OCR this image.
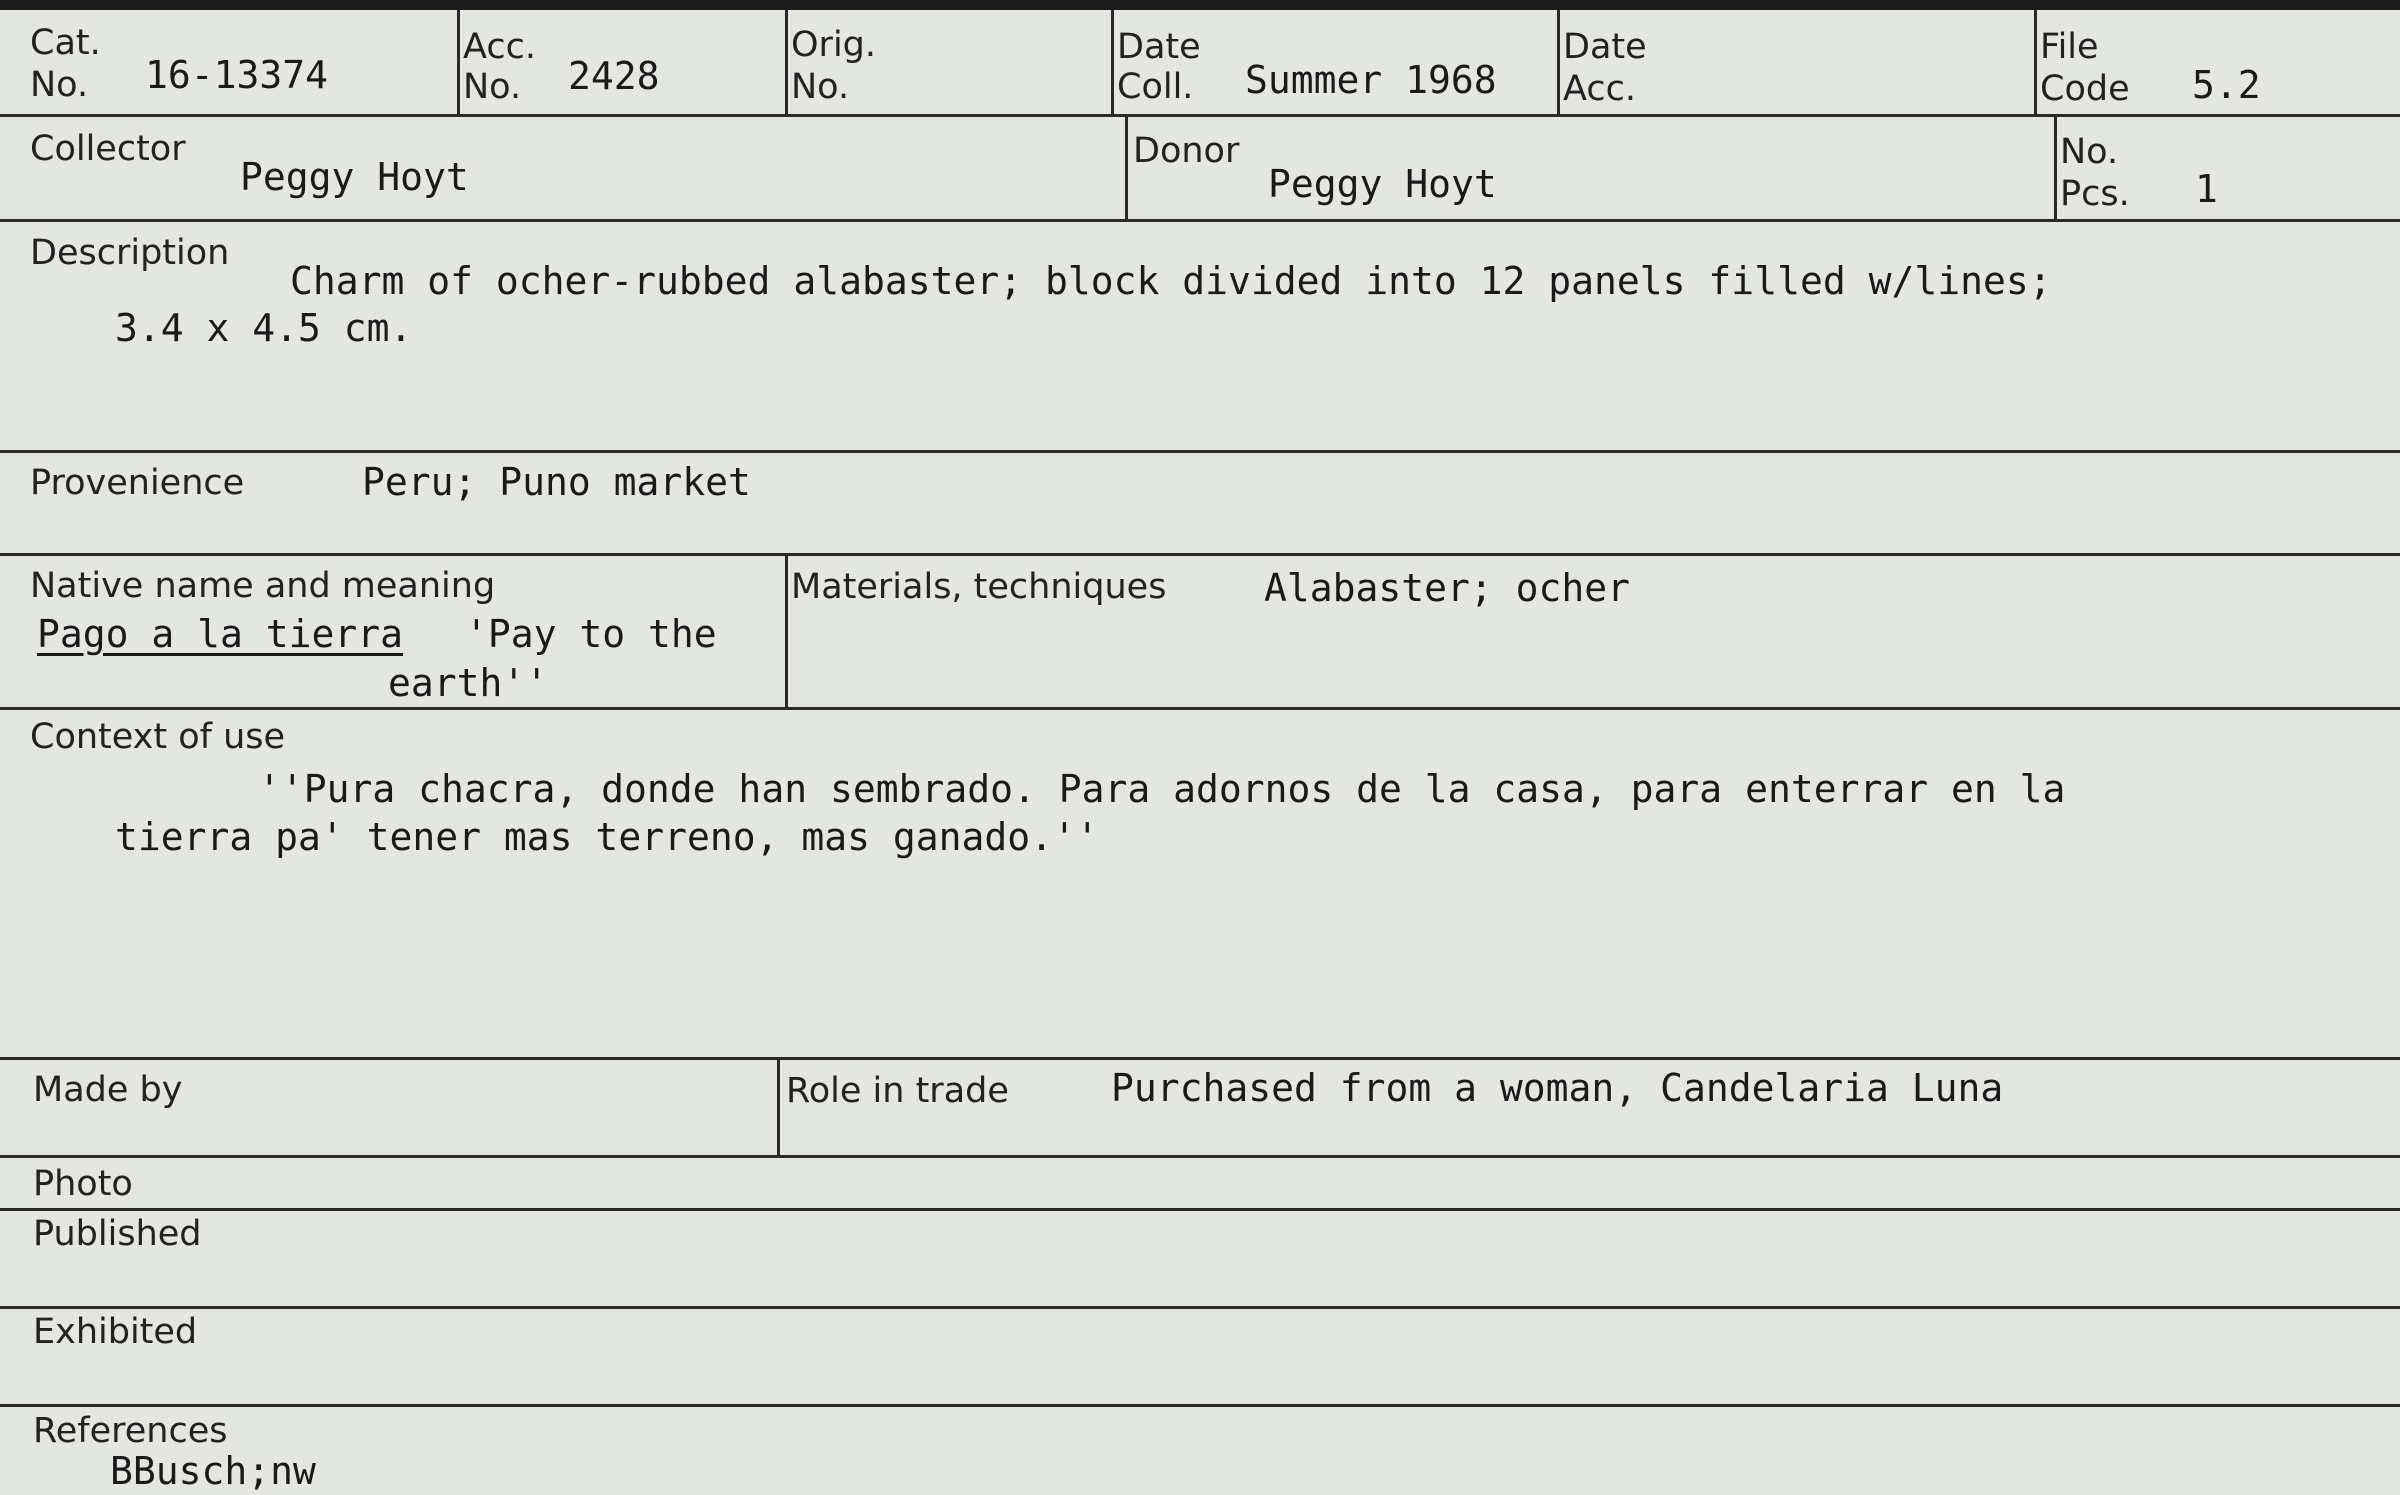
Cat.
No. 16-13374
Acc.
No. 2428
Orig.
No.
Date
Coll. Summer 1968
Date
Acc.
File
Code 5.2
Collector
Peggy Hoyt
Donor
Peggy Hoyt
No.
Pcs. 1
Description
Charm of ocher-rubbed alabaster; block divided into 12 panels filled w/lines;
3.4 x 4.5 cm.
Provenience	Peru; Puno market
Native name and meaning
Pago a la tierra 'Pay to the
earth''
Materials, techniques	Alabaster; ocher
Context of use
''Pura chacra, donde han sembrado. Para adornos de la casa, para enterrar en la
tierra pa' tener mas terreno, mas ganado.''
Made by	Role in trade	Purchased from a woman, Candelaria Luna
Photo
Published
Exhibited
References
BBusch;nw
